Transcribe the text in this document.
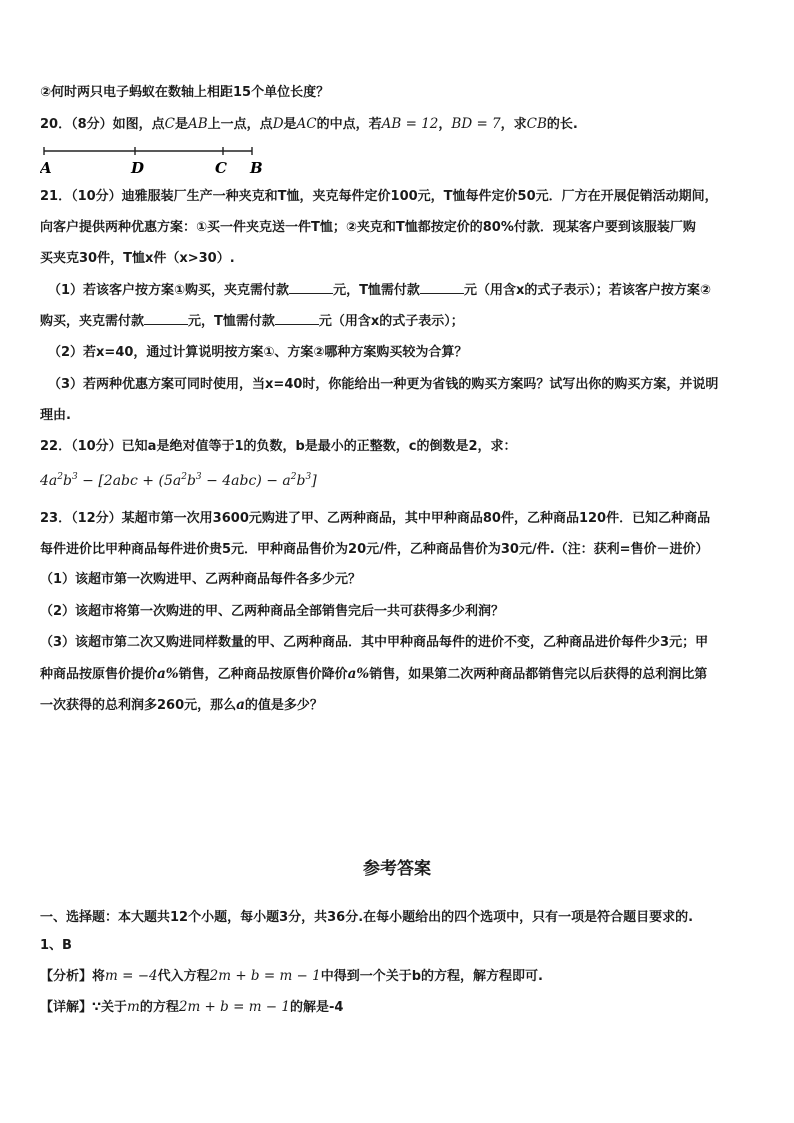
②何时两只电子蚂蚁在数轴上相距15个单位长度？
20．（8分）如图，点C是AB上一点，点D是AC的中点，若AB = 12，BD = 7，求CB的长.
A	D	C B
21．（10分）迪雅服装厂生产一种夹克和T恤，夹克每件定价100元，T恤每件定价50元．厂方在开展促销活动期间，
向客户提供两种优惠方案：①买一件夹克送一件T恤；②夹克和T恤都按定价的80%付款．现某客户要到该服装厂购
买夹克30件，T恤x件（x>30）.
（1）若该客户按方案①购买，夹克需付款	元，T恤需付款	元（用含x的式子表示）；若该客户按方案②
购买，夹克需付款	元，T恤需付款	元（用含x的式子表示）；
（2）若x=40，通过计算说明按方案①、方案②哪种方案购买较为合算？
（3）若两种优惠方案可同时使用，当x=40时，你能给出一种更为省钱的购买方案吗？试写出你的购买方案，并说明
理由.
22．（10分）已知a是绝对值等于1的负数，b是最小的正整数，c的倒数是2，求：
$4a^2b^3 - [2abc + (5a^2b^3 - 4abc) - a^2b^3]$
23．（12分）某超市第一次用3600元购进了甲、乙两种商品，其中甲种商品80件，乙种商品120件．已知乙种商品
每件进价比甲种商品每件进价贵5元．甲种商品售价为20元/件，乙种商品售价为30元/件.（注：获利=售价－进价）
（1）该超市第一次购进甲、乙两种商品每件各多少元？
（2）该超市将第一次购进的甲、乙两种商品全部销售完后一共可获得多少利润？
（3）该超市第二次又购进同样数量的甲、乙两种商品．其中甲种商品每件的进价不变，乙种商品进价每件少3元；甲
种商品按原售价提价a%销售，乙种商品按原售价降价a%销售，如果第二次两种商品都销售完以后获得的总利润比第
一次获得的总利润多260元，那么a的值是多少？
参考答案
一、选择题：本大题共12个小题，每小题3分，共36分.在每小题给出的四个选项中，只有一项是符合题目要求的.
1、B
【分析】将m = −4代入方程2m + b = m − 1中得到一个关于b的方程，解方程即可.
【详解】∵关于m的方程2m + b = m − 1的解是-4
